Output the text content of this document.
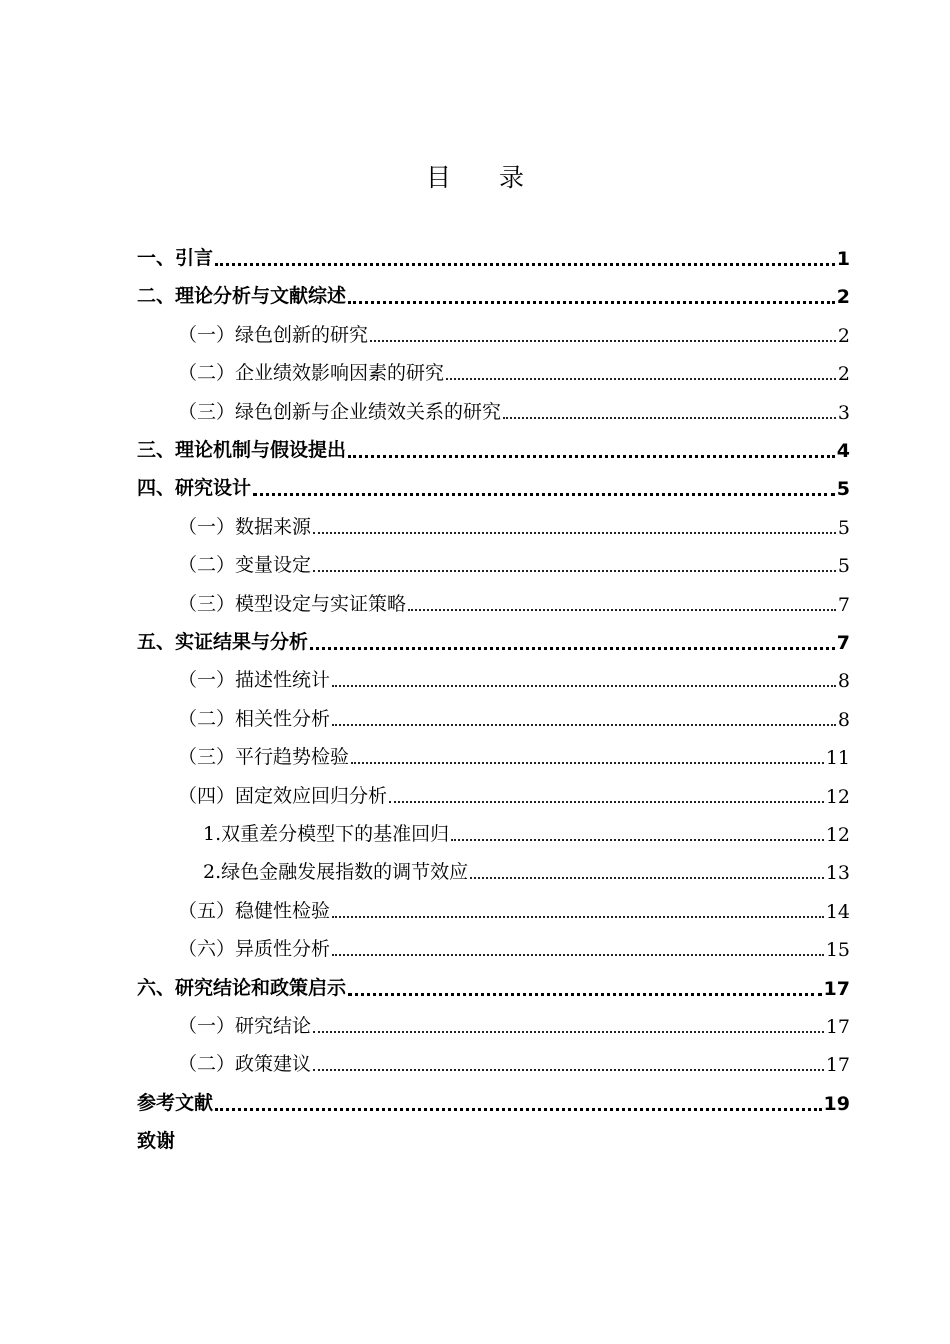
目 录
一、引言	1
二、理论分析与文献综述	2
（一）绿色创新的研究	2
（二）企业绩效影响因素的研究	2
（三）绿色创新与企业绩效关系的研究	3
三、理论机制与假设提出	4
四、研究设计	5
（一）数据来源	5
（二）变量设定	5
（三）模型设定与实证策略	7
五、实证结果与分析	7
（一）描述性统计	8
（二）相关性分析	8
（三）平行趋势检验	11
（四）固定效应回归分析	12
1.双重差分模型下的基准回归	12
2.绿色金融发展指数的调节效应	13
（五）稳健性检验	14
（六）异质性分析	15
六、研究结论和政策启示	17
（一）研究结论	17
（二）政策建议	17
参考文献	19
致谢
